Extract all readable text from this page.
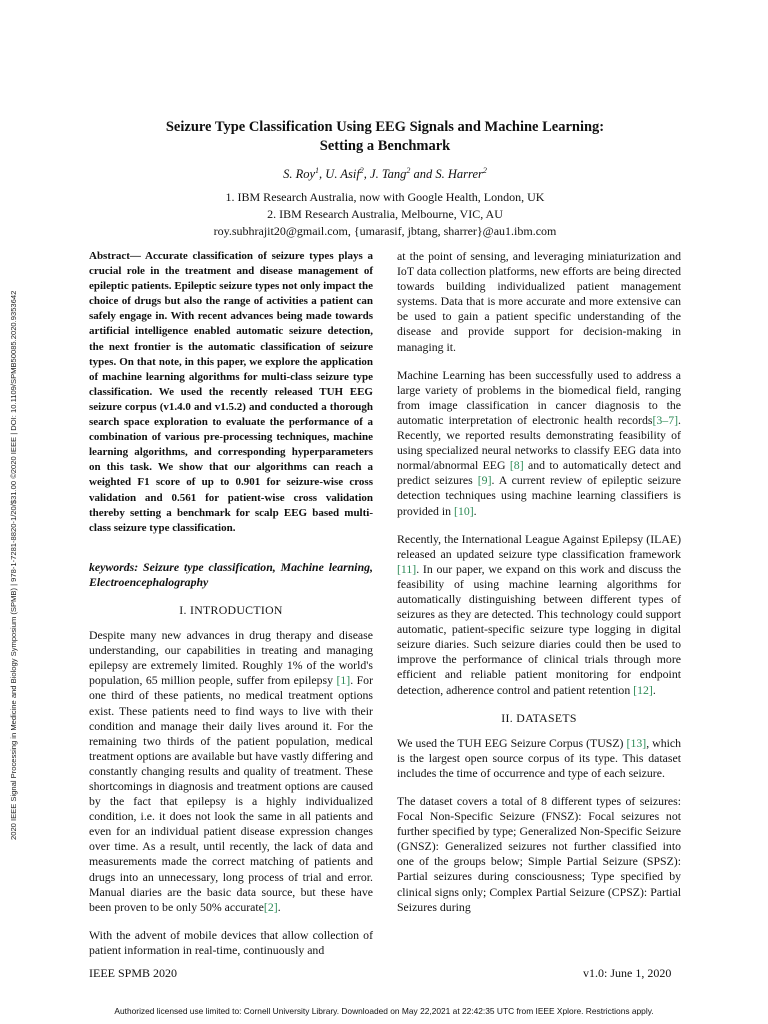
2020 IEEE Signal Processing in Medicine and Biology Symposium (SPMB) | 978-1-7281-8820-1/20/$31.00 ©2020 IEEE | DOI: 10.1109/SPMB50085.2020.9353642
Seizure Type Classification Using EEG Signals and Machine Learning:
Setting a Benchmark
S. Roy$^1$, U. Asif$^2$, J. Tang$^2$ and S. Harrer$^2$
1. IBM Research Australia, now with Google Health, London, UK
2. IBM Research Australia, Melbourne, VIC, AU
roy.subhrajit20@gmail.com, {umarasif, jbtang, sharrer}@au1.ibm.com

Abstract— Accurate classification of seizure types plays a crucial role in the treatment and disease management of epileptic patients. Epileptic seizure types not only impact the choice of drugs but also the range of activities a patient can safely engage in. With recent advances being made towards artificial intelligence enabled automatic seizure detection, the next frontier is the automatic classification of seizure types. On that note, in this paper, we explore the application of machine learning algorithms for multi-class seizure type classification. We used the recently released TUH EEG seizure corpus (v1.4.0 and v1.5.2) and conducted a thorough search space exploration to evaluate the performance of a combination of various pre-processing techniques, machine learning algorithms, and corresponding hyperparameters on this task. We show that our algorithms can reach a weighted F1 score of up to 0.901 for seizure-wise cross validation and 0.561 for patient-wise cross validation thereby setting a benchmark for scalp EEG based multi-class seizure type classification.

keywords: Seizure type classification, Machine learning, Electroencephalography

I. INTRODUCTION

Despite many new advances in drug therapy and disease understanding, our capabilities in treating and managing epilepsy are extremely limited. Roughly 1% of the world's population, 65 million people, suffer from epilepsy [1]. For one third of these patients, no medical treatment options exist. These patients need to find ways to live with their condition and manage their daily lives around it. For the remaining two thirds of the patient population, medical treatment options are available but have vastly differing and constantly changing results and quality of treatment. These shortcomings in diagnosis and treatment options are caused by the fact that epilepsy is a highly individualized condition, i.e. it does not look the same in all patients and even for an individual patient disease expression changes over time. As a result, until recently, the lack of data and measurements made the correct matching of patients and drugs into an unnecessary, long process of trial and error. Manual diaries are the basic data source, but these have been proven to be only 50% accurate[2].

With the advent of mobile devices that allow collection of patient information in real-time, continuously and

at the point of sensing, and leveraging miniaturization and IoT data collection platforms, new efforts are being directed towards building individualized patient management systems. Data that is more accurate and more extensive can be used to gain a patient specific understanding of the disease and provide support for decision-making in managing it.

Machine Learning has been successfully used to address a large variety of problems in the biomedical field, ranging from image classification in cancer diagnosis to the automatic interpretation of electronic health records[3–7]. Recently, we reported results demonstrating feasibility of using specialized neural networks to classify EEG data into normal/abnormal EEG [8] and to automatically detect and predict seizures [9]. A current review of epileptic seizure detection techniques using machine learning classifiers is provided in [10].

Recently, the International League Against Epilepsy (ILAE) released an updated seizure type classification framework [11]. In our paper, we expand on this work and discuss the feasibility of using machine learning algorithms for automatically distinguishing between different types of seizures as they are detected. This technology could support automatic, patient-specific seizure type logging in digital seizure diaries. Such seizure diaries could then be used to improve the performance of clinical trials through more efficient and reliable patient monitoring for endpoint detection, adherence control and patient retention [12].

II. DATASETS

We used the TUH EEG Seizure Corpus (TUSZ) [13], which is the largest open source corpus of its type. This dataset includes the time of occurrence and type of each seizure.

The dataset covers a total of 8 different types of seizures: Focal Non-Specific Seizure (FNSZ): Focal seizures not further specified by type; Generalized Non-Specific Seizure (GNSZ): Generalized seizures not further classified into one of the groups below; Simple Partial Seizure (SPSZ): Partial seizures during consciousness; Type specified by clinical signs only; Complex Partial Seizure (CPSZ): Partial Seizures during

IEEE SPMB 2020	v1.0: June 1, 2020
Authorized licensed use limited to: Cornell University Library. Downloaded on May 22,2021 at 22:42:35 UTC from IEEE Xplore. Restrictions apply.
